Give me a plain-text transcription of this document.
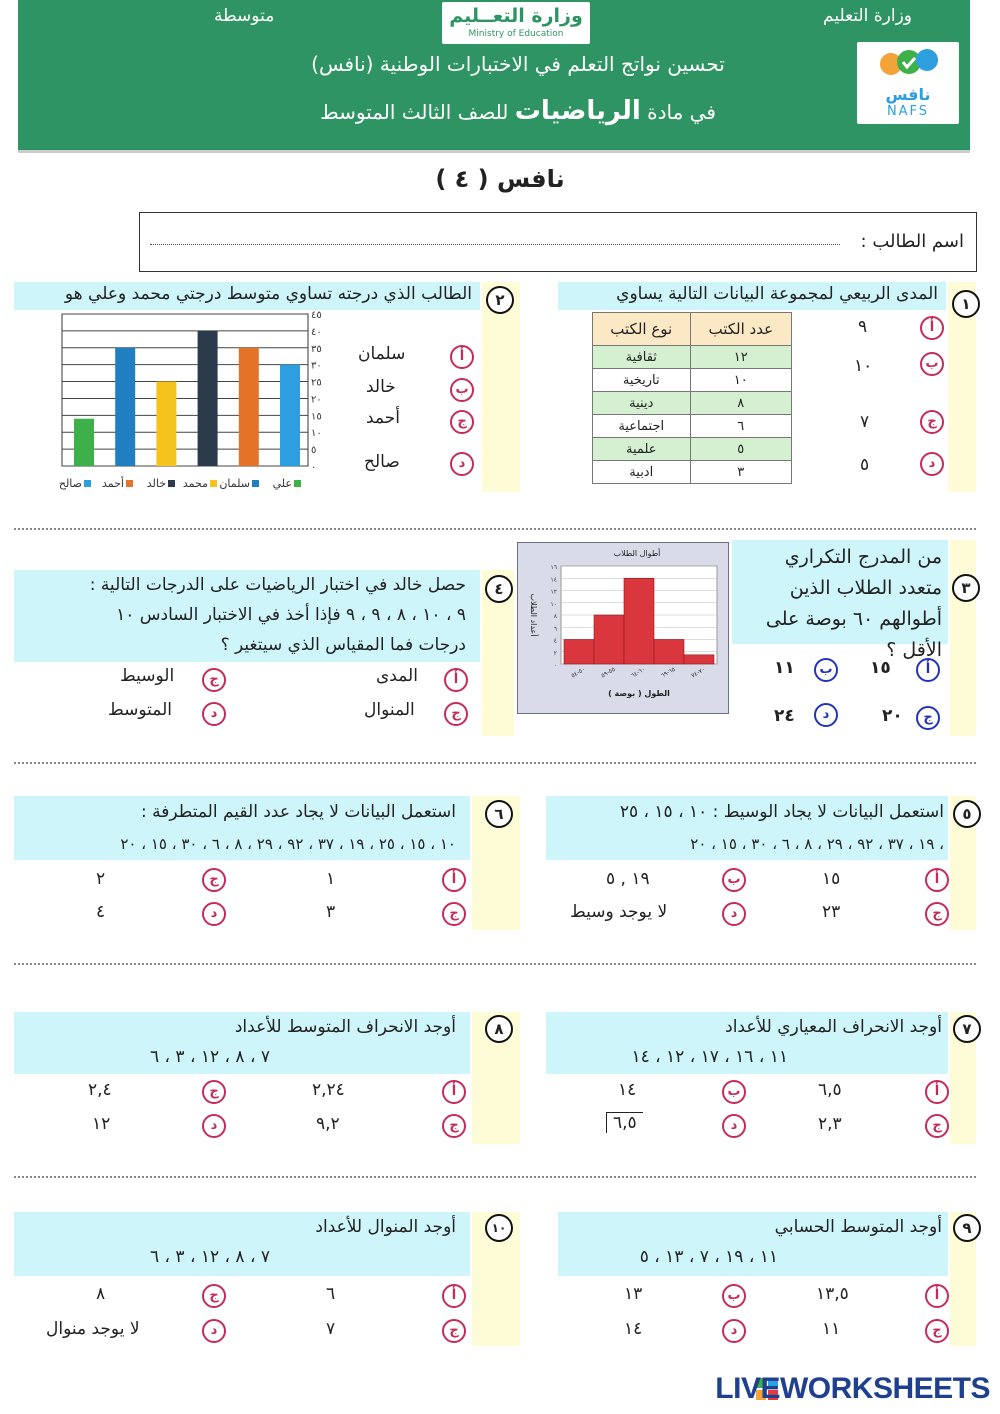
متوسطة	وزارة التعليم
وزارة التعــليم
Ministry of Education
تحسين نواتج التعلم في الاختبارات الوطنية (نافس)
في مادة الرياضيات للصف الثالث المتوسط
نافس
NAFS
نافس ( ٤ )
اسم الطالب :
١
المدى الربيعي لمجموعة البيانات التالية يساوي
عدد الكتب	نوع الكتب
١٢	ثقافية
١٠	تاريخية
٨	دينية
٦	اجتماعية
٥	علمية
٣	ادبية
أ
٩
ب
١٠
ج
٧
د
٥
٢
الطالب الذي درجته تساوي متوسط درجتي محمد وعلي هو
٠
٥
١٠
١٥
٢٠
٢٥
٣٠
٣٥
٤٠
٤٥
علي
سلمان
محمد
خالد
أحمد
صالح
أ
سلمان
ب
خالد
ج
أحمد
د
صالح
٣
من المدرج التكراري متعدد الطلاب الذين أطوالهم ٦٠ بوصة على الأقل ؟
أطوال الطلاب
٠
٢
٤
٦
٨
١٠
١٢
١٤
١٦
٥٠-٥٤ ٥٥-٥٩ ٦٠-٦٤ ٦٥-٦٩ ٧٠-٧٤
الطول ( بوصة )
أعداد الطلاب
أ
١٥
ب
١١
ج
٢٠
د
٢٤
٤
حصل خالد في اختبار الرياضيات على الدرجات التالية :
٩ ، ١٠ ، ٨ ، ٩ ، ٩ فإذا أخذ في الاختبار السادس ١٠
درجات فما المقياس الذي سيتغير ؟
أ
المدى
ج
الوسيط
ج
المنوال
د
المتوسط
٥
استعمل البيانات لا يجاد الوسيط : ١٠ ، ١٥ ، ٢٥
، ١٩ ، ٣٧ ، ٩٢ ، ٢٩ ، ٨ ، ٦ ، ٣٠ ، ١٥ ، ٢٠
أ
١٥
ب
١٩ , ٥
ج
٢٣
د
لا يوجد وسيط
٦
استعمل البيانات لا يجاد عدد القيم المتطرفة :
١٠ ، ١٥ ، ٢٥ ، ١٩ ، ٣٧ ، ٩٢ ، ٢٩ ، ٨ ، ٦ ، ٣٠ ، ١٥ ، ٢٠
أ
١
ج
٢
ج
٣
د
٤
٧
أوجد الانحراف المعياري للأعداد
١١ ، ١٦ ، ١٧ ، ١٢ ، ١٤
أ
٦,٥
ب
١٤
ج
٢,٣
د
٦,٥
٨
أوجد الانحراف المتوسط للأعداد
٧ ، ٨ ، ١٢ ، ٣ ، ٦
أ
٢,٢٤
ج
٢,٤
ج
٩,٢
د
١٢
٩
أوجد المتوسط الحسابي
١١ ، ١٩ ، ٧ ، ١٣ ، ٥
أ
١٣,٥
ب
١٣
ج
١١
د
١٤
١٠
أوجد المنوال للأعداد
٧ ، ٨ ، ١٢ ، ٣ ، ٦
أ
٦
ج
٨
ج
٧
د
لا يوجد منوال
LIVEWORKSHEETS
